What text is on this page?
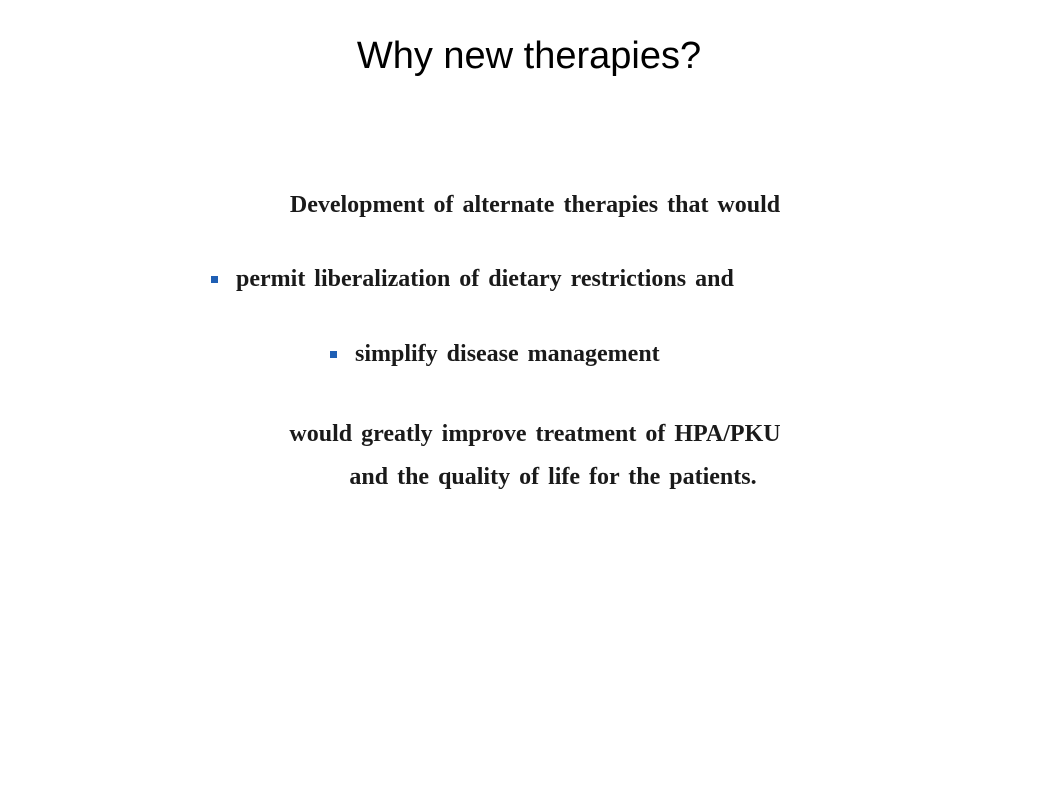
Why new therapies?
Development of alternate therapies that would
permit liberalization of dietary restrictions and
simplify disease management
would greatly improve treatment of HPA/PKU
and the quality of life for the patients.
